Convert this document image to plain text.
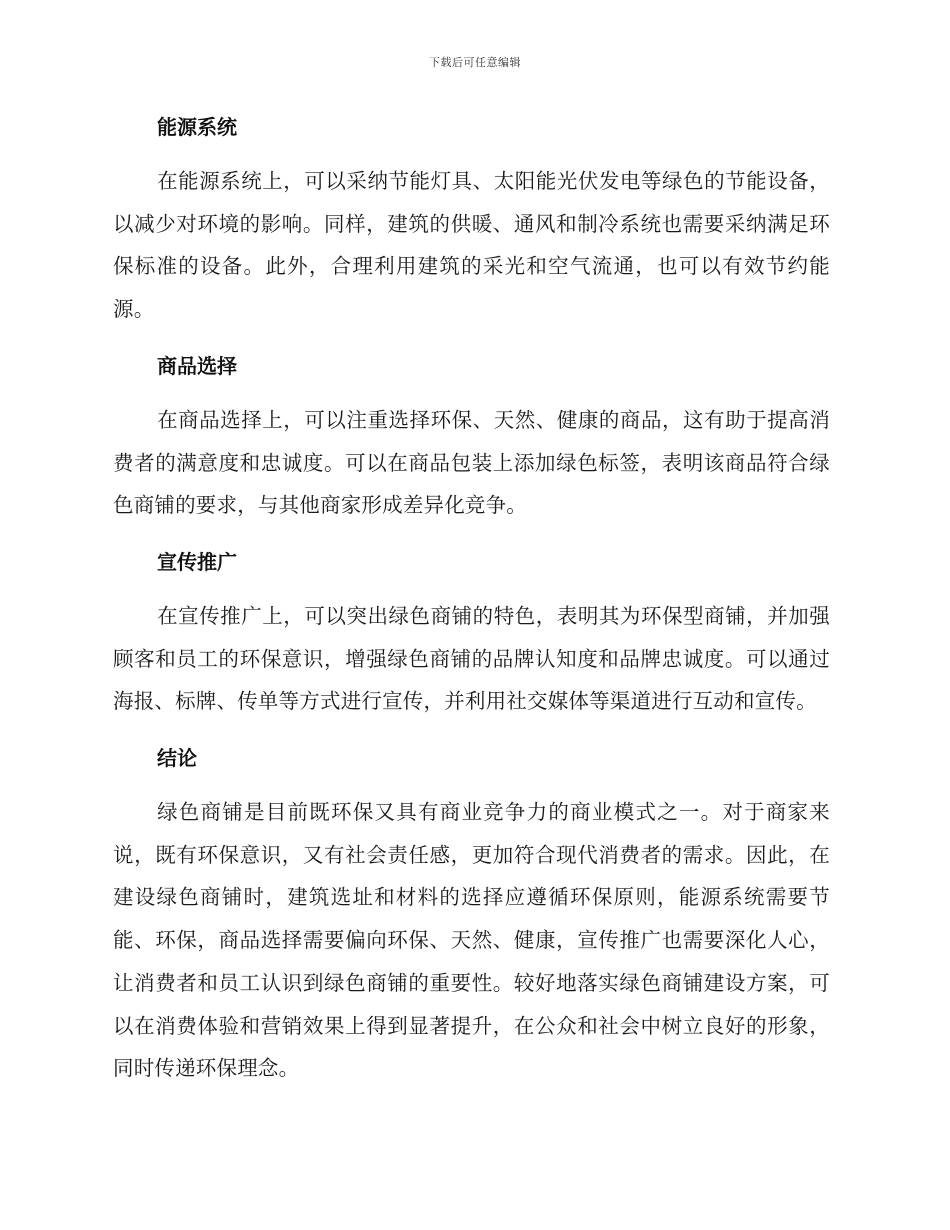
下载后可任意编辑
能源系统

在能源系统上，可以采纳节能灯具、太阳能光伏发电等绿色的节能设备，以减少对环境的影响。同样，建筑的供暖、通风和制冷系统也需要采纳满足环保标准的设备。此外，合理利用建筑的采光和空气流通，也可以有效节约能源。

商品选择

在商品选择上，可以注重选择环保、天然、健康的商品，这有助于提高消费者的满意度和忠诚度。可以在商品包装上添加绿色标签，表明该商品符合绿色商铺的要求，与其他商家形成差异化竞争。

宣传推广

在宣传推广上，可以突出绿色商铺的特色，表明其为环保型商铺，并加强顾客和员工的环保意识，增强绿色商铺的品牌认知度和品牌忠诚度。可以通过海报、标牌、传单等方式进行宣传，并利用社交媒体等渠道进行互动和宣传。

结论

绿色商铺是目前既环保又具有商业竞争力的商业模式之一。对于商家来说，既有环保意识，又有社会责任感，更加符合现代消费者的需求。因此，在建设绿色商铺时，建筑选址和材料的选择应遵循环保原则，能源系统需要节能、环保，商品选择需要偏向环保、天然、健康，宣传推广也需要深化人心，让消费者和员工认识到绿色商铺的重要性。较好地落实绿色商铺建设方案，可以在消费体验和营销效果上得到显著提升，在公众和社会中树立良好的形象，同时传递环保理念。
